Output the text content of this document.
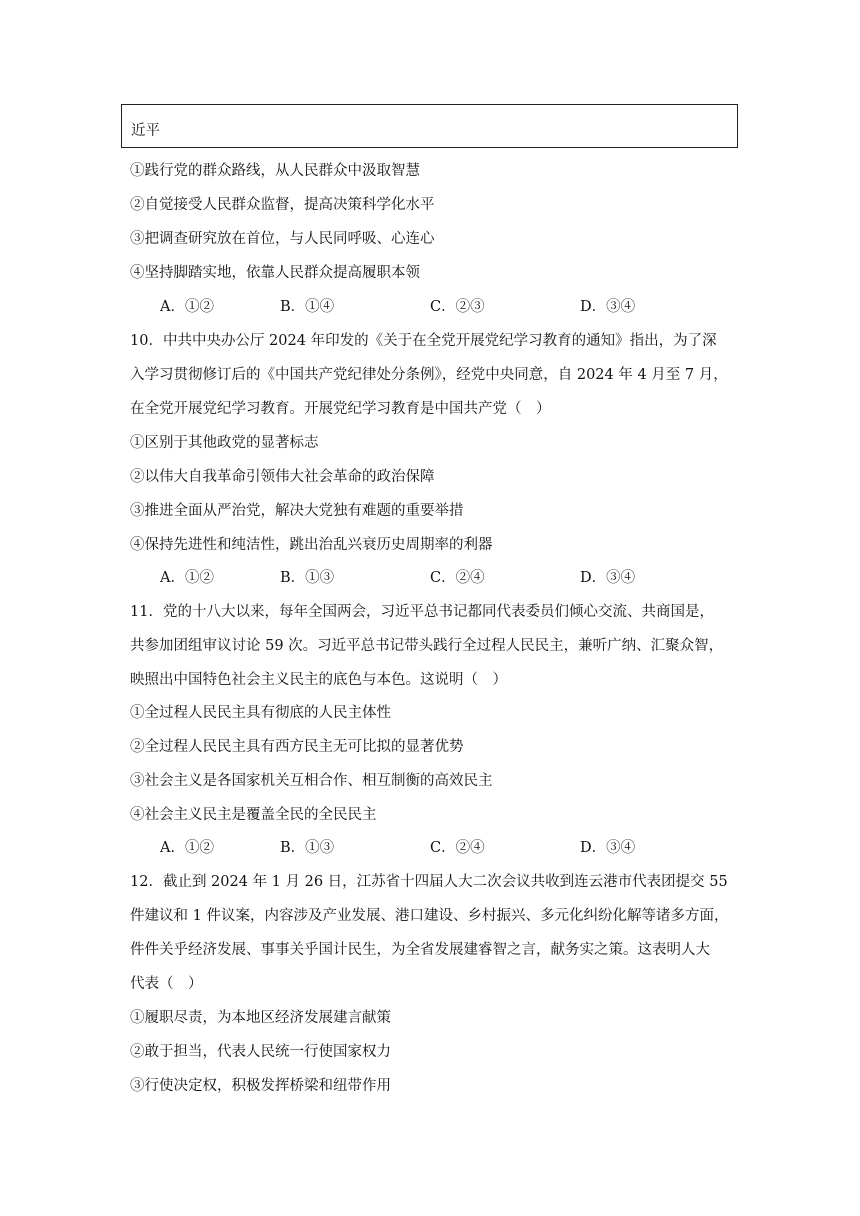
近平
①践行党的群众路线，从人民群众中汲取智慧
②自觉接受人民群众监督，提高决策科学化水平
③把调查研究放在首位，与人民同呼吸、心连心
④坚持脚踏实地，依靠人民群众提高履职本领
A．①②	B．①④	C．②③	D．③④
10．中共中央办公厅 2024 年印发的《关于在全党开展党纪学习教育的通知》指出，为了深
入学习贯彻修订后的《中国共产党纪律处分条例》，经党中央同意，自 2024 年 4 月至 7 月，
在全党开展党纪学习教育。开展党纪学习教育是中国共产党（　）
①区别于其他政党的显著标志
②以伟大自我革命引领伟大社会革命的政治保障
③推进全面从严治党，解决大党独有难题的重要举措
④保持先进性和纯洁性，跳出治乱兴衰历史周期率的利器
A．①②	B．①③	C．②④	D．③④
11．党的十八大以来，每年全国两会，习近平总书记都同代表委员们倾心交流、共商国是，
共参加团组审议讨论 59 次。习近平总书记带头践行全过程人民民主，兼听广纳、汇聚众智，
映照出中国特色社会主义民主的底色与本色。这说明（　）
①全过程人民民主具有彻底的人民主体性
②全过程人民民主具有西方民主无可比拟的显著优势
③社会主义是各国家机关互相合作、相互制衡的高效民主
④社会主义民主是覆盖全民的全民民主
A．①②	B．①③	C．②④	D．③④
12．截止到 2024 年 1 月 26 日，江苏省十四届人大二次会议共收到连云港市代表团提交 55
件建议和 1 件议案，内容涉及产业发展、港口建设、乡村振兴、多元化纠纷化解等诸多方面，
件件关乎经济发展、事事关乎国计民生，为全省发展建睿智之言，献务实之策。这表明人大
代表（　）
①履职尽责，为本地区经济发展建言献策
②敢于担当，代表人民统一行使国家权力
③行使决定权，积极发挥桥梁和纽带作用
